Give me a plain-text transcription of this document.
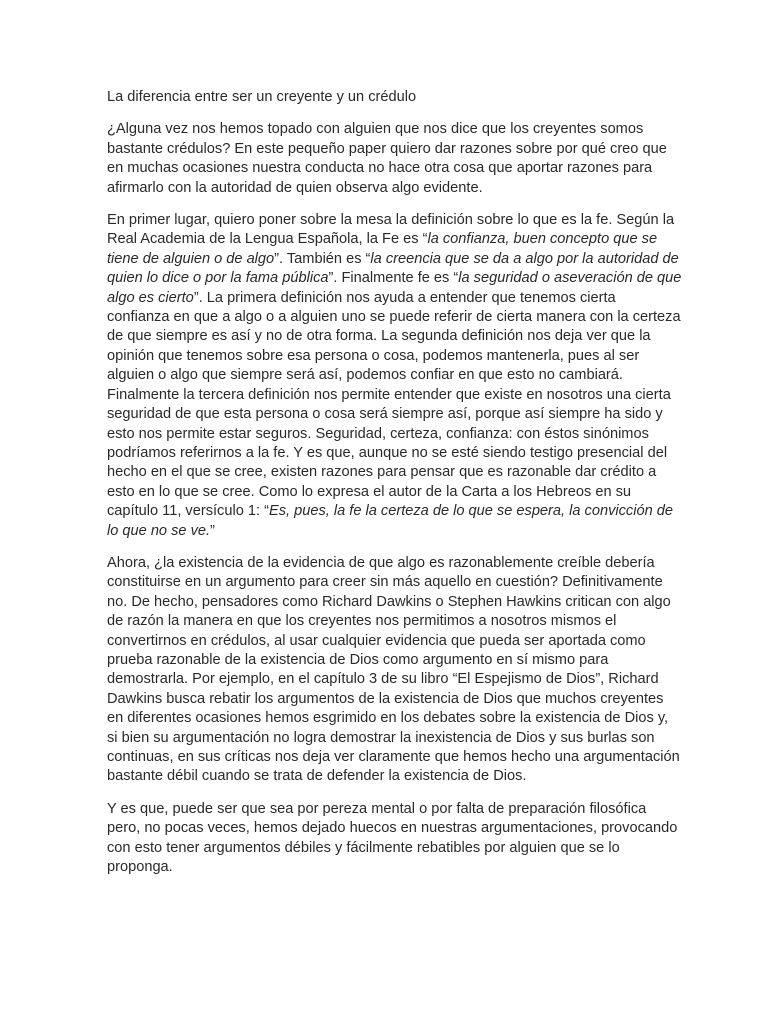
La diferencia entre ser un creyente y un crédulo

¿Alguna vez nos hemos topado con alguien que nos dice que los creyentes somos bastante crédulos? En este pequeño paper quiero dar razones sobre por qué creo que en muchas ocasiones nuestra conducta no hace otra cosa que aportar razones para afirmarlo con la autoridad de quien observa algo evidente.

En primer lugar, quiero poner sobre la mesa la definición sobre lo que es la fe. Según la Real Academia de la Lengua Española, la Fe es “la confianza, buen concepto que se tiene de alguien o de algo”. También es “la creencia que se da a algo por la autoridad de quien lo dice o por la fama pública”. Finalmente fe es “la seguridad o aseveración de que algo es cierto”. La primera definición nos ayuda a entender que tenemos cierta confianza en que a algo o a alguien uno se puede referir de cierta manera con la certeza de que siempre es así y no de otra forma. La segunda definición nos deja ver que la opinión que tenemos sobre esa persona o cosa, podemos mantenerla, pues al ser alguien o algo que siempre será así, podemos confiar en que esto no cambiará. Finalmente la tercera definición nos permite entender que existe en nosotros una cierta seguridad de que esta persona o cosa será siempre así, porque así siempre ha sido y esto nos permite estar seguros. Seguridad, certeza, confianza: con éstos sinónimos podríamos referirnos a la fe. Y es que, aunque no se esté siendo testigo presencial del hecho en el que se cree, existen razones para pensar que es razonable dar crédito a esto en lo que se cree. Como lo expresa el autor de la Carta a los Hebreos en su capítulo 11, versículo 1: “Es, pues, la fe la certeza de lo que se espera, la convicción de lo que no se ve.”

Ahora, ¿la existencia de la evidencia de que algo es razonablemente creíble debería constituirse en un argumento para creer sin más aquello en cuestión? Definitivamente no. De hecho, pensadores como Richard Dawkins o Stephen Hawkins critican con algo de razón la manera en que los creyentes nos permitimos a nosotros mismos el convertirnos en crédulos, al usar cualquier evidencia que pueda ser aportada como prueba razonable de la existencia de Dios como argumento en sí mismo para demostrarla. Por ejemplo, en el capítulo 3 de su libro “El Espejismo de Dios”, Richard Dawkins busca rebatir los argumentos de la existencia de Dios que muchos creyentes en diferentes ocasiones hemos esgrimido en los debates sobre la existencia de Dios y, si bien su argumentación no logra demostrar la inexistencia de Dios y sus burlas son continuas, en sus críticas nos deja ver claramente que hemos hecho una argumentación bastante débil cuando se trata de defender la existencia de Dios.

Y es que, puede ser que sea por pereza mental o por falta de preparación filosófica pero, no pocas veces, hemos dejado huecos en nuestras argumentaciones, provocando con esto tener argumentos débiles y fácilmente rebatibles por alguien que se lo proponga.
